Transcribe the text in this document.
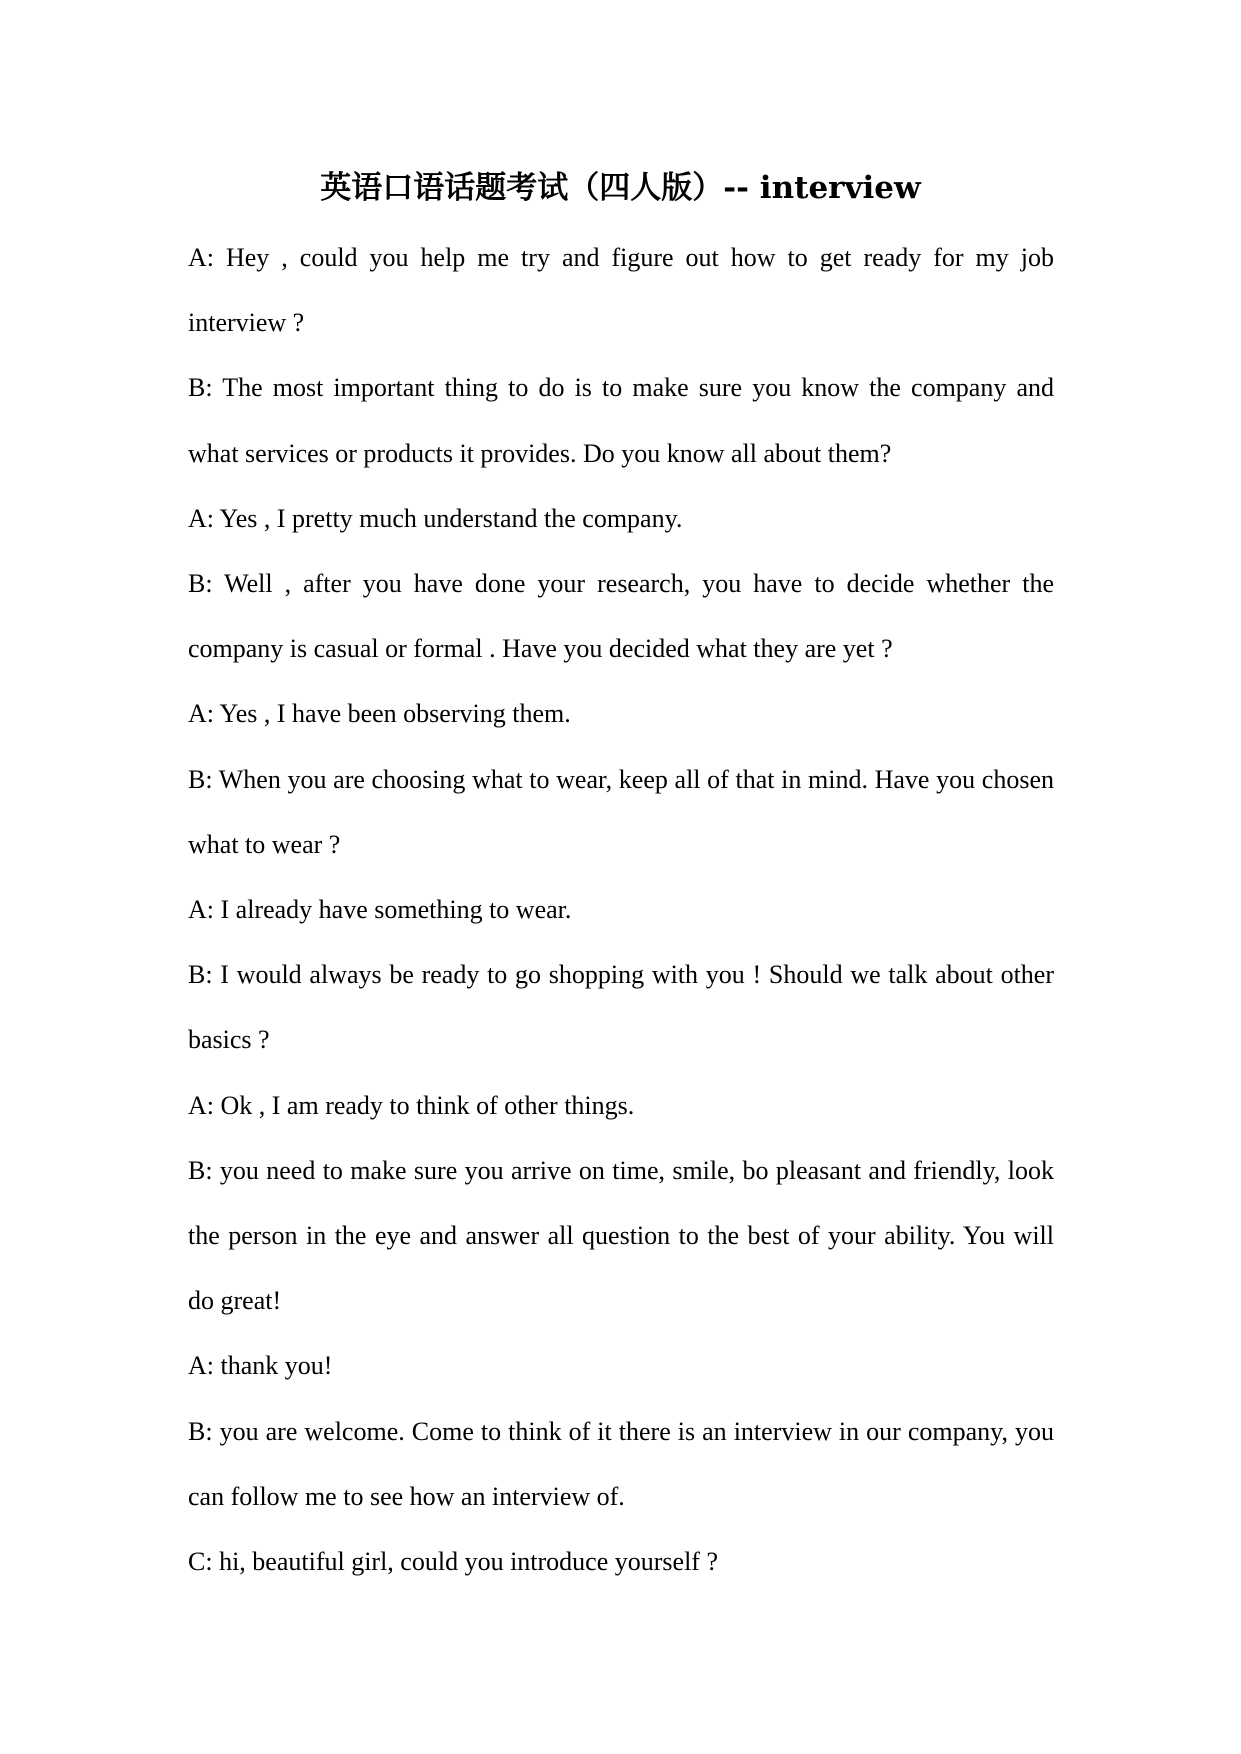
英语口语话题考试（四人版）-- interview

A: Hey , could you help me try and figure out how to get ready for my job interview ?

B: The most important thing to do is to make sure you know the company and what services or products it provides. Do you know all about them?

A: Yes , I pretty much understand the company.

B: Well , after you have done your research, you have to decide whether the company is casual or formal . Have you decided what they are yet ?

A: Yes , I have been observing them.

B: When you are choosing what to wear, keep all of that in mind. Have you chosen what to wear ?

A: I already have something to wear.

B: I would always be ready to go shopping with you ! Should we talk about other basics ?

A: Ok , I am ready to think of other things.

B: you need to make sure you arrive on time, smile, bo pleasant and friendly, look the person in the eye and answer all question to the best of your ability. You will do great!

A: thank you!

B: you are welcome. Come to think of it there is an interview in our company, you can follow me to see how an interview of.

C: hi, beautiful girl, could you introduce yourself ?
